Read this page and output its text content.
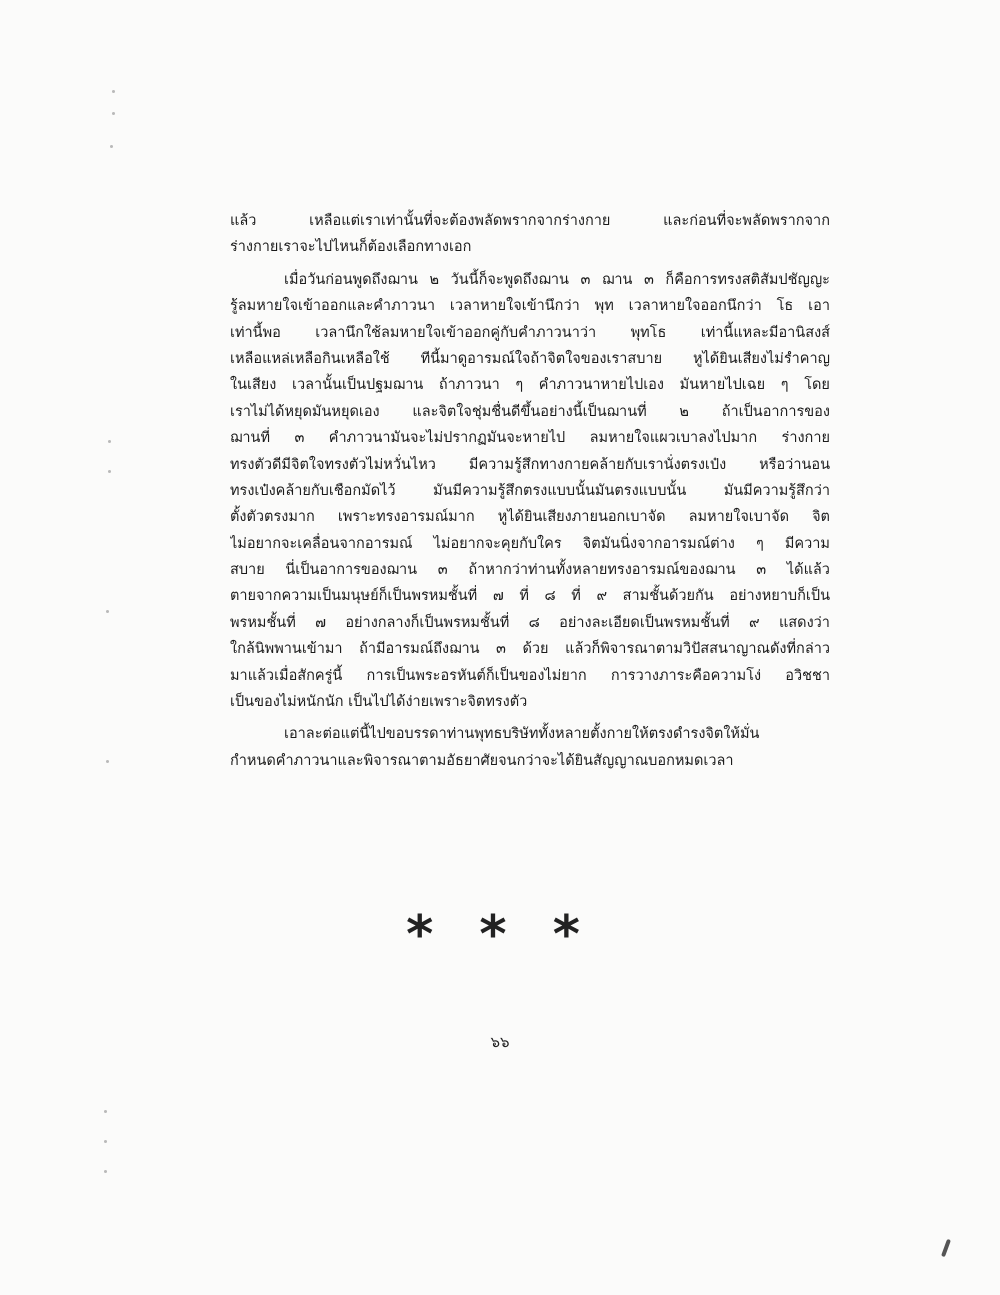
แล้ว	เหลือแต่เราเท่านั้นที่จะต้องพลัดพรากจากร่างกาย	และก่อนที่จะพลัดพรากจาก
ร่างกายเราจะไปไหนก็ต้องเลือกทางเอก
เมื่อวันก่อนพูดถึงฌาน ๒ วันนี้ก็จะพูดถึงฌาน ๓ ฌาน ๓ ก็คือการทรงสติสัมปชัญญะ
รู้ลมหายใจเข้าออกและคำภาวนา เวลาหายใจเข้านึกว่า พุท เวลาหายใจออกนึกว่า โธ เอา
เท่านี้พอ เวลานึกใช้ลมหายใจเข้าออกคู่กับคำภาวนาว่า พุทโธ เท่านี้แหละมีอานิสงส์
เหลือแหล่เหลือกินเหลือใช้ ทีนี้มาดูอารมณ์ใจถ้าจิตใจของเราสบาย หูได้ยินเสียงไม่รำคาญ
ในเสียง เวลานั้นเป็นปฐมฌาน ถ้าภาวนา ๆ คำภาวนาหายไปเอง มันหายไปเฉย ๆ โดย
เราไม่ได้หยุดมันหยุดเอง และจิตใจชุ่มชื่นดีขึ้นอย่างนี้เป็นฌานที่ ๒ ถ้าเป็นอาการของ
ฌานที่ ๓ คำภาวนามันจะไม่ปรากฏมันจะหายไป ลมหายใจแผวเบาลงไปมาก ร่างกาย
ทรงตัวดีมีจิตใจทรงตัวไม่หวั่นไหว มีความรู้สึกทางกายคล้ายกับเรานั่งตรงเป๋ง หรือว่านอน
ทรงเป๋งคล้ายกับเชือกมัดไว้	มันมีความรู้สึกตรงแบบนั้นมันตรงแบบนั้น	มันมีความรู้สึกว่า
ตั้งตัวตรงมาก เพราะทรงอารมณ์มาก หูได้ยินเสียงภายนอกเบาจัด ลมหายใจเบาจัด จิต
ไม่อยากจะเคลื่อนจากอารมณ์ ไม่อยากจะคุยกับใคร จิตมันนิ่งจากอารมณ์ต่าง ๆ มีความ
สบาย นี่เป็นอาการของฌาน ๓ ถ้าหากว่าท่านทั้งหลายทรงอารมณ์ของฌาน ๓ ได้แล้ว
ตายจากความเป็นมนุษย์ก็เป็นพรหมชั้นที่ ๗ ที่ ๘ ที่ ๙ สามชั้นด้วยกัน อย่างหยาบก็เป็น
พรหมชั้นที่ ๗ อย่างกลางก็เป็นพรหมชั้นที่ ๘ อย่างละเอียดเป็นพรหมชั้นที่ ๙ แสดงว่า
ใกล้นิพพานเข้ามา ถ้ามีอารมณ์ถึงฌาน ๓ ด้วย แล้วก็พิจารณาตามวิปัสสนาญาณดังที่กล่าว
มาแล้วเมื่อสักครู่นี้ การเป็นพระอรหันต์ก็เป็นของไม่ยาก การวางภาระคือความโง่ อวิชชา
เป็นของไม่หนักนัก เป็นไปได้ง่ายเพราะจิตทรงตัว
เอาละต่อแต่นี้ไปขอบรรดาท่านพุทธบริษัททั้งหลายตั้งกายให้ตรงดำรงจิตให้มั่น
กำหนดคำภาวนาและพิจารณาตามอัธยาศัยจนกว่าจะได้ยินสัญญาณบอกหมดเวลา
* * *
๖๖
